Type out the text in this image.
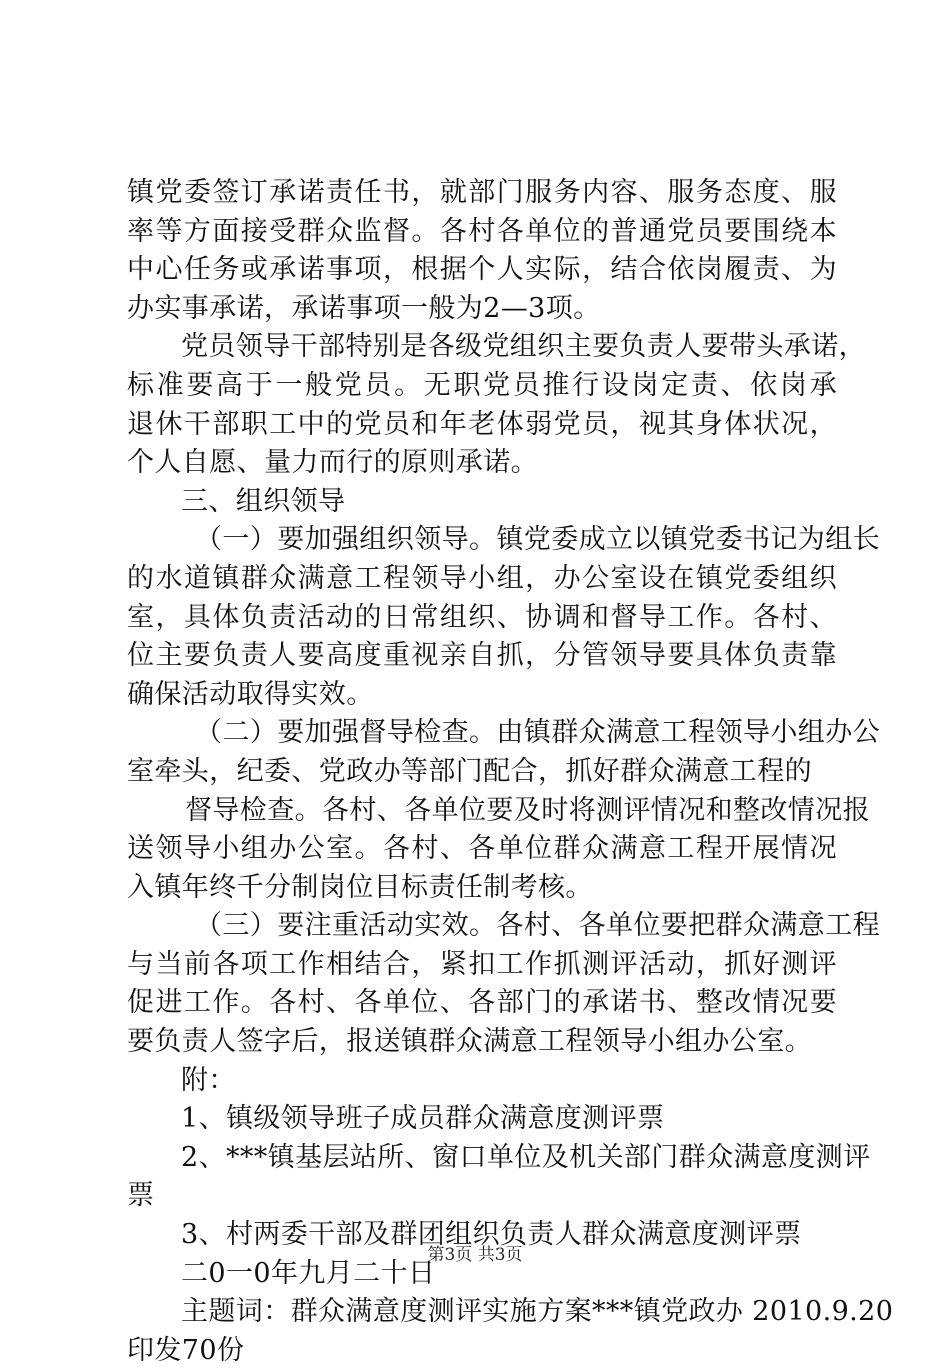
镇党委签订承诺责任书，就部门服务内容、服务态度、服
率等方面接受群众监督。各村各单位的普通党员要围绕本
中心任务或承诺事项，根据个人实际，结合依岗履责、为
办实事承诺，承诺事项一般为2—3项。
党员领导干部特别是各级党组织主要负责人要带头承诺，
标准要高于一般党员。无职党员推行设岗定责、依岗承
退休干部职工中的党员和年老体弱党员，视其身体状况，
个人自愿、量力而行的原则承诺。
三、组织领导
（一）要加强组织领导。镇党委成立以镇党委书记为组长
的水道镇群众满意工程领导小组，办公室设在镇党委组织
室，具体负责活动的日常组织、协调和督导工作。各村、
位主要负责人要高度重视亲自抓，分管领导要具体负责靠
确保活动取得实效。
（二）要加强督导检查。由镇群众满意工程领导小组办公
室牵头，纪委、党政办等部门配合，抓好群众满意工程的
督导检查。各村、各单位要及时将测评情况和整改情况报
送领导小组办公室。各村、各单位群众满意工程开展情况
入镇年终千分制岗位目标责任制考核。
（三）要注重活动实效。各村、各单位要把群众满意工程
与当前各项工作相结合，紧扣工作抓测评活动，抓好测评
促进工作。各村、各单位、各部门的承诺书、整改情况要
要负责人签字后，报送镇群众满意工程领导小组办公室。
附：
1、镇级领导班子成员群众满意度测评票
2、***镇基层站所、窗口单位及机关部门群众满意度测评
票
3、村两委干部及群团组织负责人群众满意度测评票
二0一0年九月二十日
主题词：群众满意度测评实施方案***镇党政办 2010.9.20
印发70份
第3页 共3页
